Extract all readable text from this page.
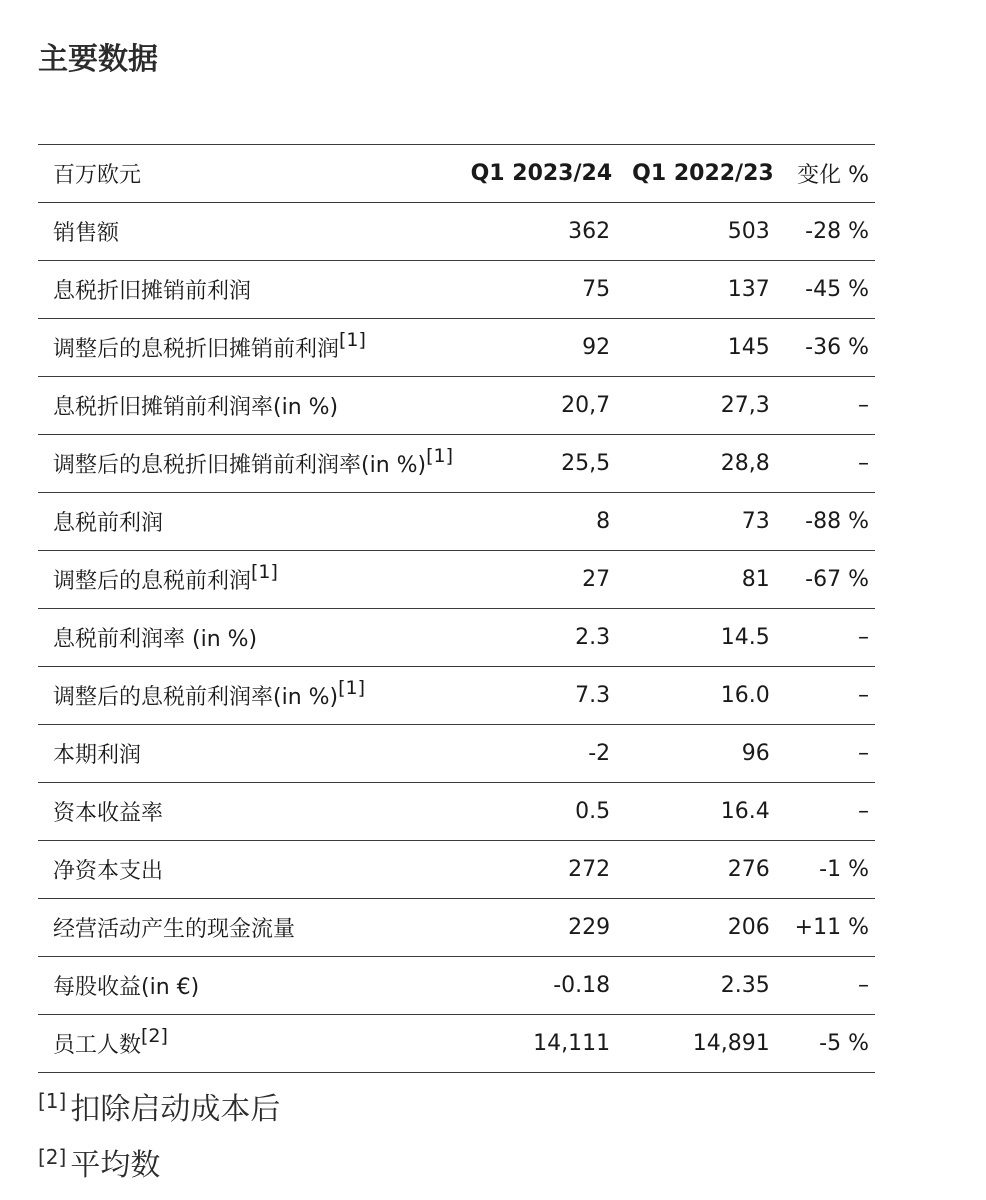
主要数据
百万欧元	Q1 2023/24	Q1 2022/23	变化 %
销售额	362	503	-28 %
息税折旧摊销前利润	75	137	-45 %
调整后的息税折旧摊销前利润[1]	92	145	-36 %
息税折旧摊销前利润率(in %)	20,7	27,3	–
调整后的息税折旧摊销前利润率(in %)[1]	25,5	28,8	–
息税前利润	8	73	-88 %
调整后的息税前利润[1]	27	81	-67 %
息税前利润率 (in %)	2.3	14.5	–
调整后的息税前利润率(in %)[1]	7.3	16.0	–
本期利润	-2	96	–
资本收益率	0.5	16.4	–
净资本支出	272	276	-1 %
经营活动产生的现金流量	229	206	+11 %
每股收益(in €)	-0.18	2.35	–
员工人数[2]	14,111	14,891	-5 %
[1] 扣除启动成本后
[2] 平均数
